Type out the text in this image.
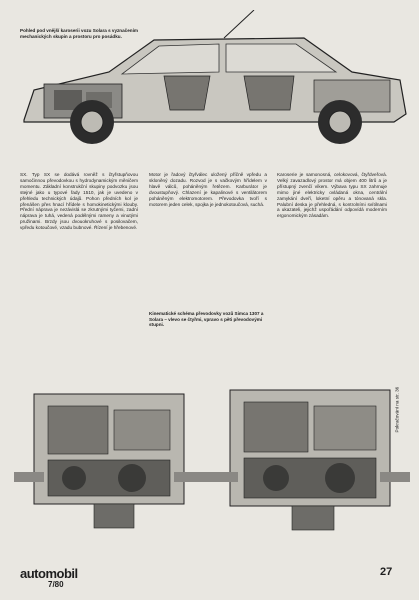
Pohled pod vnější karoserii vozu Solara s vyznačením mechanických skupin a prostoru pro posádku.
SX. Typ SX se dodává rovněž s čtyřstupňovou samočinnou převodovkou s hydrodynamickým měničem momentu. Základní konstrukční skupiny podvozku jsou stejné jako u typové řady 1510, jak je uvedeno v přehledu technických údajů. Pohon předních kol je přenášen přes hnací hřídele s homokinetickými klouby. Přední náprava je nezávislá se zkrutnými tyčemi, zadní náprava je tuhá, vedená podélnými rameny a vinutými pružinami. Brzdy jsou dvouokruhové s posilovačem, vpředu kotoučové, vzadu bubnové. Řízení je hřebenové.
Motor je řadový čtyřválec uložený příčně vpředu a skloněný dozadu. Rozvod je s vačkovým hřídelem v hlavě válců, poháněným řetězem. Karburátor je dvoustupňový. Chlazení je kapalinové s ventilátorem poháněným elektromotorem. Převodovka tvoří s motorem jeden celek, spojka je jednokotoučová, suchá.
Karoserie je samonosná, celokovová, čtyřdveřová. Velký zavazadlový prostor má objem 400 litrů a je přístupný zvenčí víkem. Výbava typu SX zahrnuje mimo jiné elektricky ovládaná okna, centrální zamykání dveří, loketní opěru a tónovaná skla. Palubní deska je přehledná, s kontrolními svítilnami a ukazateli, jejichž uspořádání odpovídá moderním ergonomickým zásadám.
Kinematické schéma převodovky vozů Simca 1307 a Solara – vlevo se čtyřmi, vpravo s pěti převodovými stupni.
Pokračování na str. 36
automobil
7/80
27
